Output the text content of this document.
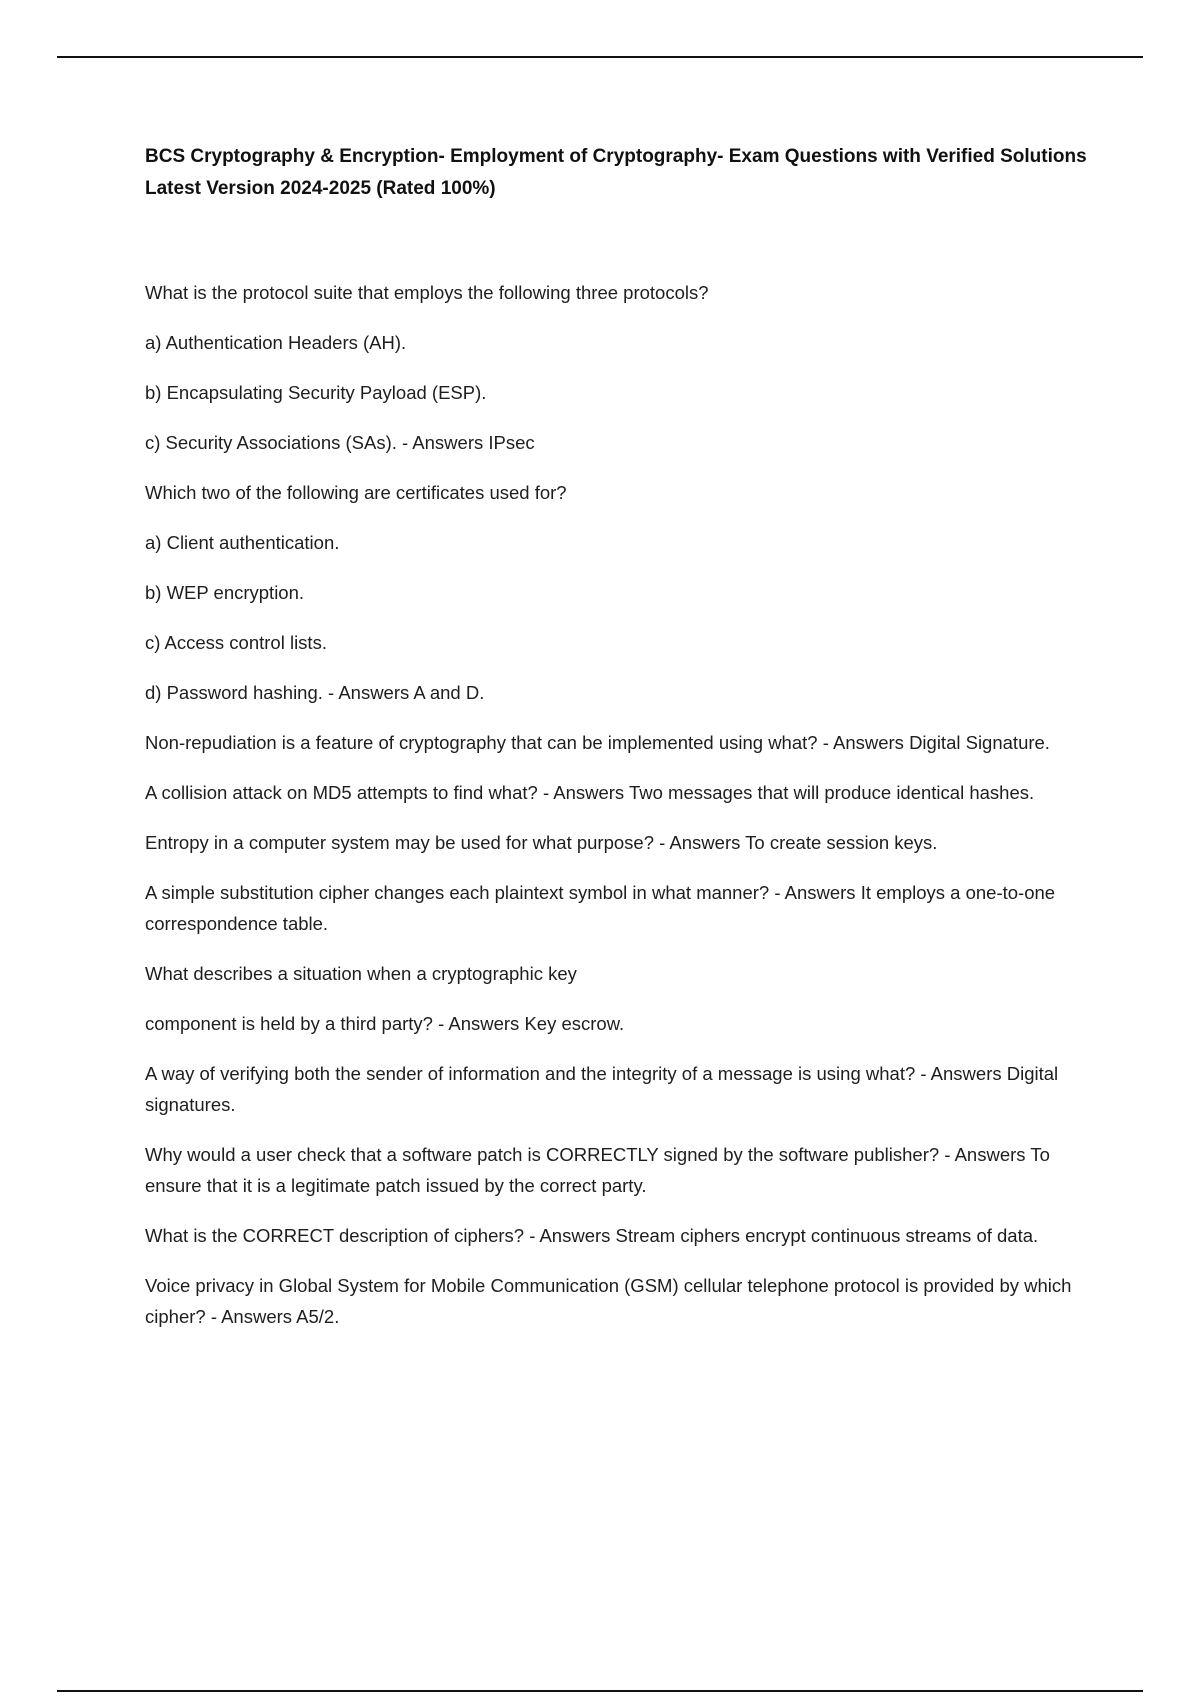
BCS Cryptography & Encryption- Employment of Cryptography- Exam Questions with Verified Solutions Latest Version 2024-2025 (Rated 100%)

What is the protocol suite that employs the following three protocols?

a) Authentication Headers (AH).

b) Encapsulating Security Payload (ESP).

c) Security Associations (SAs). - Answers IPsec

Which two of the following are certificates used for?

a) Client authentication.

b) WEP encryption.

c) Access control lists.

d) Password hashing. - Answers A and D.

Non-repudiation is a feature of cryptography that can be implemented using what? - Answers Digital Signature.

A collision attack on MD5 attempts to find what? - Answers Two messages that will produce identical hashes.

Entropy in a computer system may be used for what purpose? - Answers To create session keys.

A simple substitution cipher changes each plaintext symbol in what manner? - Answers It employs a one-to-one correspondence table.

What describes a situation when a cryptographic key

component is held by a third party? - Answers Key escrow.

A way of verifying both the sender of information and the integrity of a message is using what? - Answers Digital signatures.

Why would a user check that a software patch is CORRECTLY signed by the software publisher? - Answers To ensure that it is a legitimate patch issued by the correct party.

What is the CORRECT description of ciphers? - Answers Stream ciphers encrypt continuous streams of data.

Voice privacy in Global System for Mobile Communication (GSM) cellular telephone protocol is provided by which cipher? - Answers A5/2.
